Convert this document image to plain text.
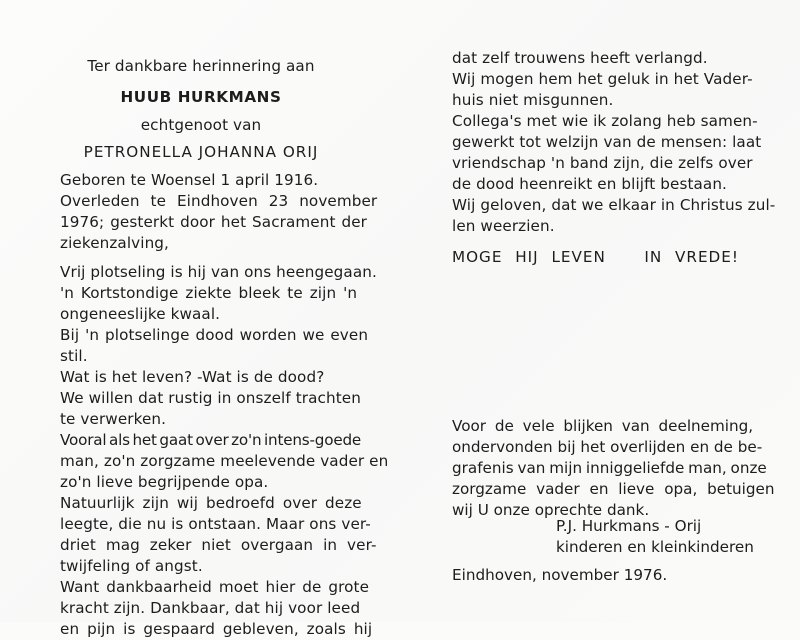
Ter dankbare herinnering aan
HUUB HURKMANS
echtgenoot van
PETRONELLA JOHANNA ORIJ
Geboren te Woensel 1 april 1916.
Overleden te Eindhoven 23 november
1976; gesterkt door het Sacrament der
ziekenzalving,
Vrij plotseling is hij van ons heengegaan.
'n Kortstondige ziekte bleek te zijn 'n
ongeneeslijke kwaal.
Bij 'n plotselinge dood worden we even
stil.
Wat is het leven? -Wat is de dood?
We willen dat rustig in onszelf trachten
te verwerken.
Vooral als het gaat over zo'n intens-goede
man, zo'n zorgzame meelevende vader en
zo'n lieve begrijpende opa.
Natuurlijk zijn wij bedroefd over deze
leegte, die nu is ontstaan. Maar ons ver-
driet mag zeker niet overgaan in ver-
twijfeling of angst.
Want dankbaarheid moet hier de grote
kracht zijn. Dankbaar, dat hij voor leed
en pijn is gespaard gebleven, zoals hij
dat zelf trouwens heeft verlangd.
Wij mogen hem het geluk in het Vader-
huis niet misgunnen.
Collega's met wie ik zolang heb samen-
gewerkt tot welzijn van de mensen: laat
vriendschap 'n band zijn, die zelfs over
de dood heenreikt en blijft bestaan.
Wij geloven, dat we elkaar in Christus zul-
len weerzien.
MOGE HIJ LEVEN   IN VREDE!
Voor de vele blijken van deelneming,
ondervonden bij het overlijden en de be-
grafenis van mijn inniggeliefde man, onze
zorgzame vader en lieve opa, betuigen
wij U onze oprechte dank.
P.J. Hurkmans - Orij
kinderen en kleinkinderen
Eindhoven, november 1976.
